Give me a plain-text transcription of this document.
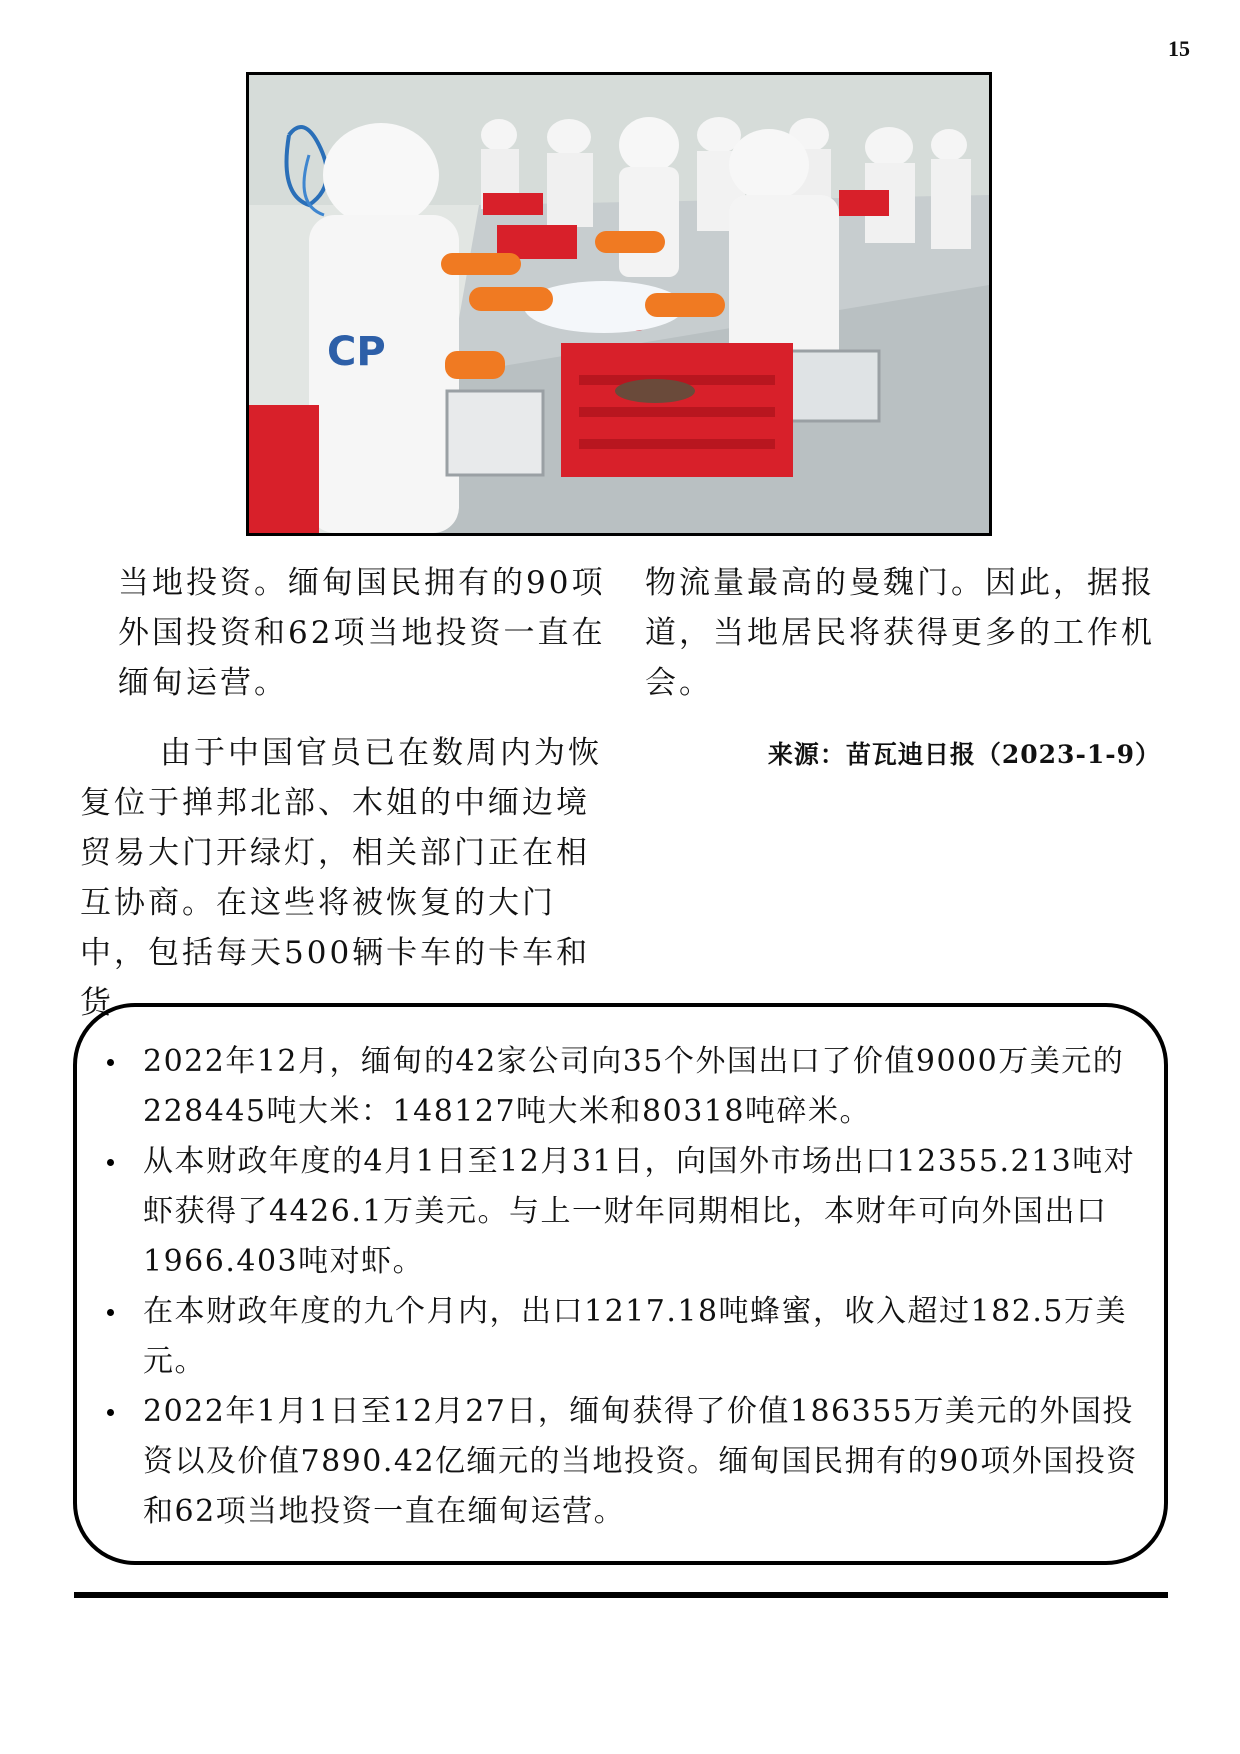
15
CP

当地投资。缅甸国民拥有的90项外国投资和62项当地投资一直在缅甸运营。

由于中国官员已在数周内为恢复位于掸邦北部、木姐的中缅边境贸易大门开绿灯，相关部门正在相互协商。在这些将被恢复的大门中，包括每天500辆卡车的卡车和货

物流量最高的曼魏门。因此，据报道，当地居民将获得更多的工作机会。

来源：苗瓦迪日报（2023-1-9）

2022年12月，缅甸的42家公司向35个外国出口了价值9000万美元的228445吨大米：148127吨大米和80318吨碎米。
从本财政年度的4月1日至12月31日，向国外市场出口12355.213吨对虾获得了4426.1万美元。与上一财年同期相比，本财年可向外国出口1966.403吨对虾。
在本财政年度的九个月内，出口1217.18吨蜂蜜，收入超过182.5万美元。
2022年1月1日至12月27日，缅甸获得了价值186355万美元的外国投资以及价值7890.42亿缅元的当地投资。缅甸国民拥有的90项外国投资和62项当地投资一直在缅甸运营。
